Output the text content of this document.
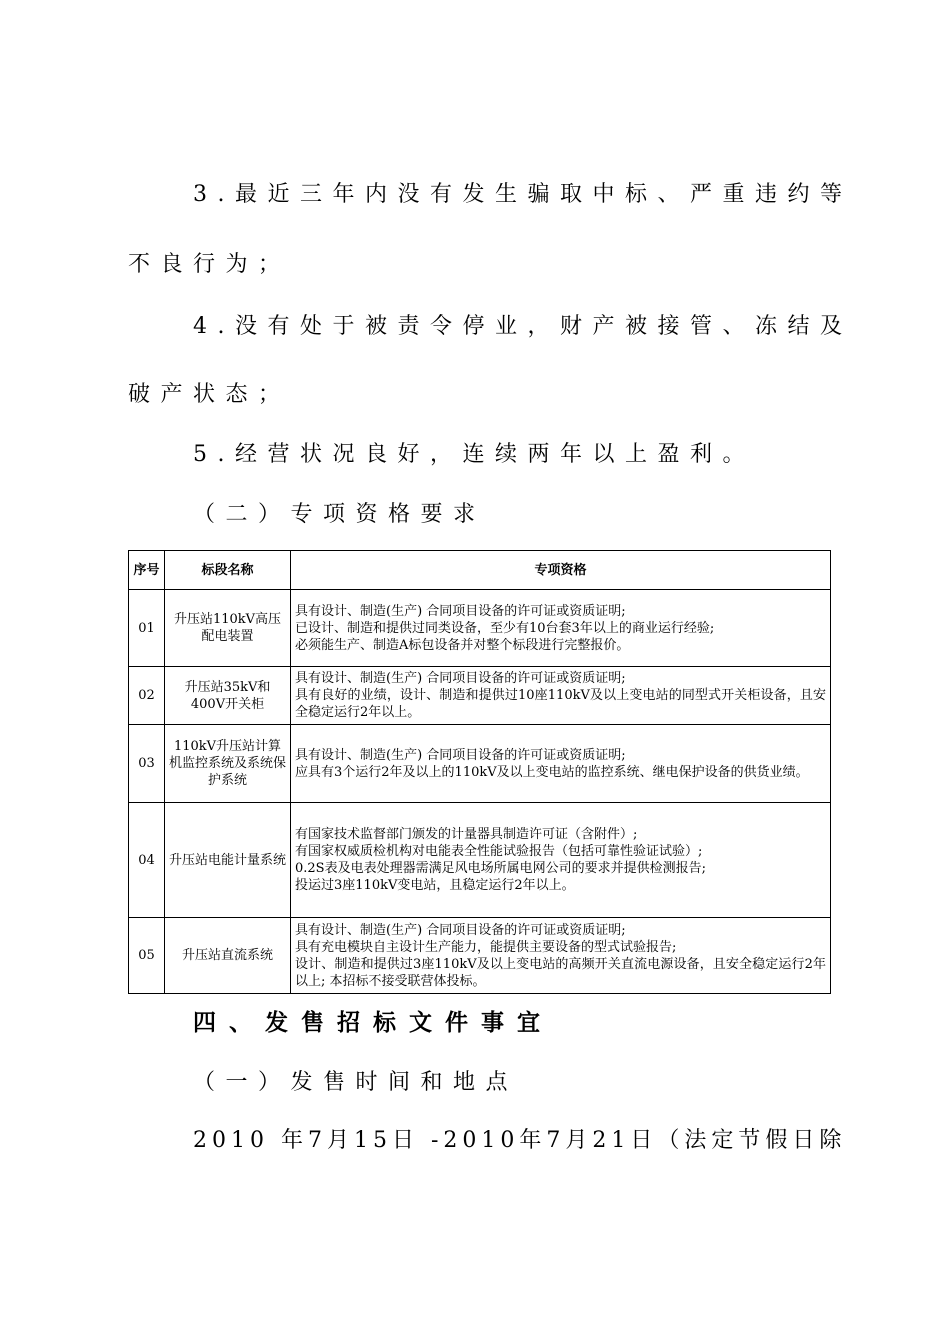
3.最近三年内没有发生骗取中标、严重违约等
不良行为；
4.没有处于被责令停业，财产被接管、冻结及
破产状态；
5.经营状况良好，连续两年以上盈利。
（二）专项资格要求
序号	标段名称	专项资格
01	升压站110kV高压配电装置	具有设计、制造(生产) 合同项目设备的许可证或资质证明;
已设计、制造和提供过同类设备，至少有10台套3年以上的商业运行经验;
必须能生产、制造A标包设备并对整个标段进行完整报价。

02	升压站35kV和400V开关柜	具有设计、制造(生产) 合同项目设备的许可证或资质证明;
具有良好的业绩，设计、制造和提供过10座110kV及以上变电站的同型式开关柜设备，且安全稳定运行2年以上。

03	110kV升压站计算机监控系统及系统保护系统	具有设计、制造(生产) 合同项目设备的许可证或资质证明;
应具有3个运行2年及以上的110kV及以上变电站的监控系统、继电保护设备的供货业绩。

04	升压站电能计量系统	有国家技术监督部门颁发的计量器具制造许可证（含附件）;
有国家权威质检机构对电能表全性能试验报告（包括可靠性验证试验）;
0.2S表及电表处理器需满足风电场所属电网公司的要求并提供检测报告;
投运过3座110kV变电站，且稳定运行2年以上。

05	升压站直流系统	具有设计、制造(生产) 合同项目设备的许可证或资质证明;
具有充电模块自主设计生产能力，能提供主要设备的型式试验报告;
设计、制造和提供过3座110kV及以上变电站的高频开关直流电源设备，且安全稳定运行2年以上; 本招标不接受联营体投标。
四、发售招标文件事宜
（一）发售时间和地点
2010 年7月15日 -2010年7月21日（法定节假日除
